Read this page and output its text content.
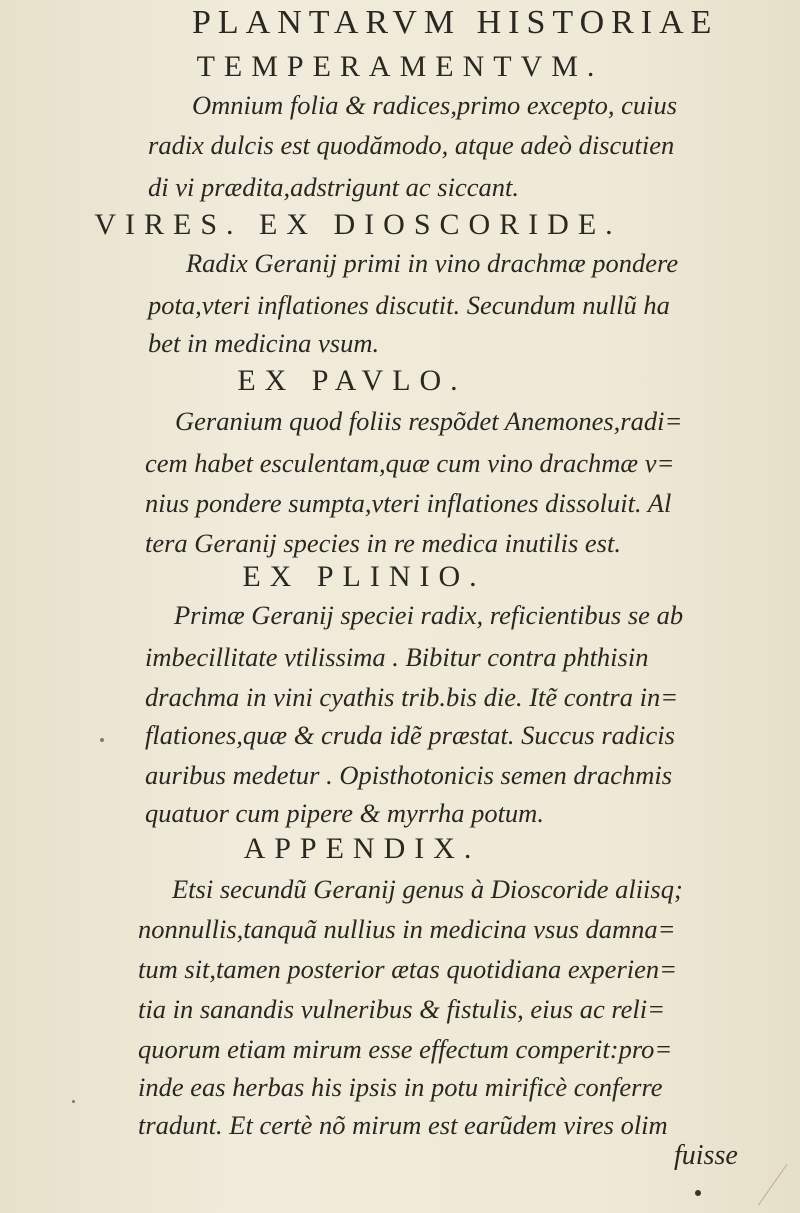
PLANTARVM HISTORIAE
TEMPERAMENTVM.
Omnium folia & radices,primo excepto, cuius
radix dulcis est quodămodo, atque adeò discutien
di vi prædita,adstrigunt ac siccant.
VIRES. EX DIOSCORIDE.
Radix Geranij primi in vino drachmæ pondere
pota,vteri inflationes discutit. Secundum nullũ ha
bet in medicina vsum.
EX PAVLO.
Geranium quod foliis respõdet Anemones,radi=
cem habet esculentam,quæ cum vino drachmæ v=
nius pondere sumpta,vteri inflationes dissoluit. Al
tera Geranij species in re medica inutilis est.
EX PLINIO.
Primæ Geranij speciei radix, reficientibus se ab
imbecillitate vtilissima . Bibitur contra phthisin
drachma in vini cyathis trib.bis die. Itẽ contra in=
flationes,quæ & cruda idẽ præstat. Succus radicis
auribus medetur . Opisthotonicis semen drachmis
quatuor cum pipere & myrrha potum.
APPENDIX.
Etsi secundũ Geranij genus à Dioscoride aliisq;
nonnullis,tanquã nullius in medicina vsus damna=
tum sit,tamen posterior ætas quotidiana experien=
tia in sanandis vulneribus & fistulis, eius ac reli=
quorum etiam mirum esse effectum comperit:pro=
inde eas herbas his ipsis in potu mirificè conferre
tradunt. Et certè nõ mirum est earũdem vires olim
fuisse
